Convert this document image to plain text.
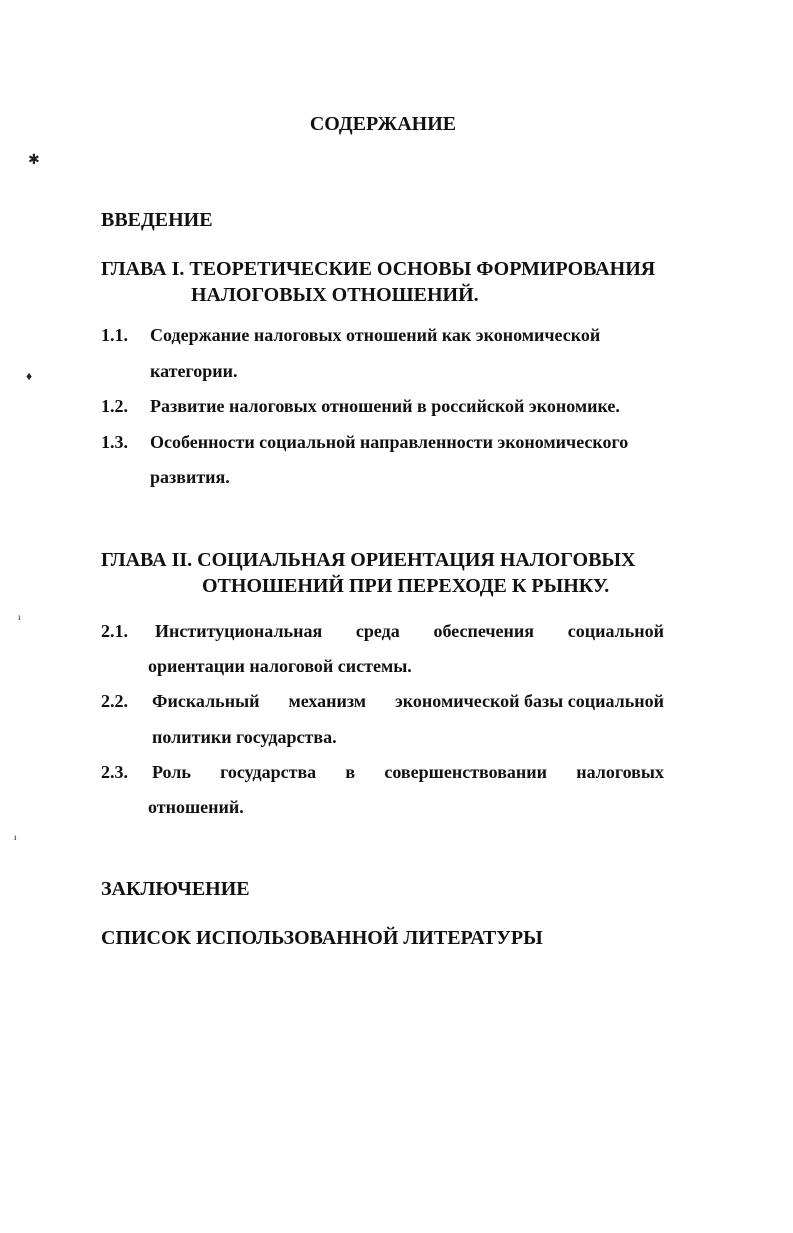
СОДЕРЖАНИЕ
✱
♦
ВВЕДЕНИЕ
ГЛАВА I. ТЕОРЕТИЧЕСКИЕ ОСНОВЫ ФОРМИРОВАНИЯ
НАЛОГОВЫХ ОТНОШЕНИЙ.
1.1. Содержание налоговых отношений как экономической
категории.
1.2. Развитие налоговых отношений в российской экономике.
1.3. Особенности социальной направленности экономического
развития.
ГЛАВА II. СОЦИАЛЬНАЯ ОРИЕНТАЦИЯ НАЛОГОВЫХ
ОТНОШЕНИЙ ПРИ ПЕРЕХОДЕ К РЫНКУ.
ı
2.1. Институциональная среда обеспечения социальной
ориентации налоговой системы.
2.2. Фискальный механизм экономической базы социальной
политики государства.
2.3. Роль государства в совершенствовании налоговых
отношений.
ı
ЗАКЛЮЧЕНИЕ
СПИСОК ИСПОЛЬЗОВАННОЙ ЛИТЕРАТУРЫ
